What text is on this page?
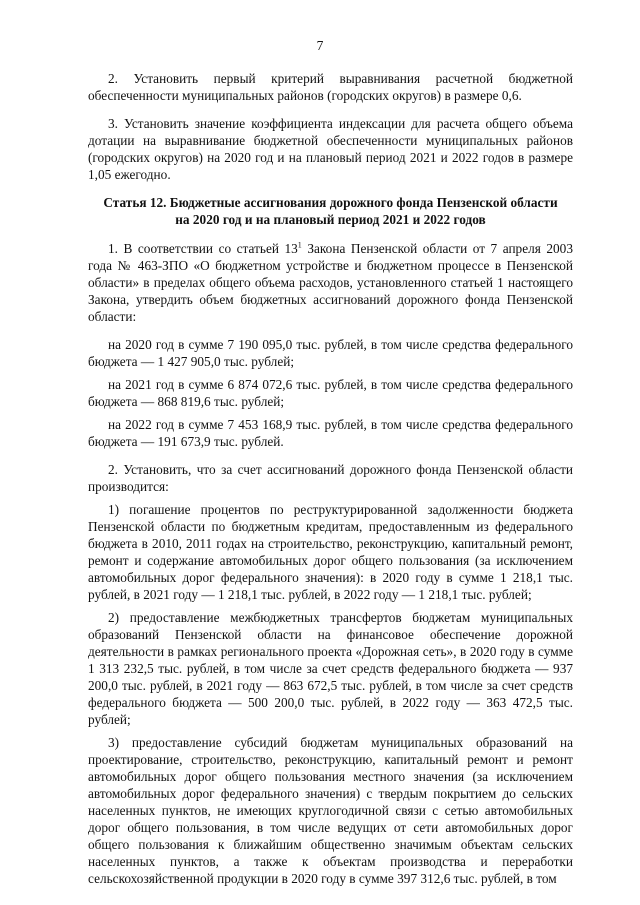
7

2. Установить первый критерий выравнивания расчетной бюджетной обеспеченности муниципальных районов (городских округов) в размере 0,6.

3. Установить значение коэффициента индексации для расчета общего объема дотации на выравнивание бюджетной обеспеченности муниципальных районов (городских округов) на 2020 год и на плановый период 2021 и 2022 годов в размере 1,05 ежегодно.

Статья 12. Бюджетные ассигнования дорожного фонда Пензенской области
на 2020 год и на плановый период 2021 и 2022 годов

1. В соответствии со статьей $13^1$ Закона Пензенской области от 7 апреля 2003 года № 463-ЗПО «О бюджетном устройстве и бюджетном процессе в Пензенской области» в пределах общего объема расходов, установленного статьей 1 настоящего Закона, утвердить объем бюджетных ассигнований дорожного фонда Пензенской области:

на 2020 год в сумме 7 190 095,0 тыс. рублей, в том числе средства федерального бюджета — 1 427 905,0 тыс. рублей;

на 2021 год в сумме 6 874 072,6 тыс. рублей, в том числе средства федерального бюджета — 868 819,6 тыс. рублей;

на 2022 год в сумме 7 453 168,9 тыс. рублей, в том числе средства федерального бюджета — 191 673,9 тыс. рублей.

2. Установить, что за счет ассигнований дорожного фонда Пензенской области производится:

1) погашение процентов по реструктурированной задолженности бюджета Пензенской области по бюджетным кредитам, предоставленным из федерального бюджета в 2010, 2011 годах на строительство, реконструкцию, капитальный ремонт, ремонт и содержание автомобильных дорог общего пользования (за исключением автомобильных дорог федерального значения): в 2020 году в сумме 1 218,1 тыс. рублей, в 2021 году — 1 218,1 тыс. рублей, в 2022 году — 1 218,1 тыс. рублей;

2) предоставление межбюджетных трансфертов бюджетам муниципальных образований Пензенской области на финансовое обеспечение дорожной деятельности в рамках регионального проекта «Дорожная сеть», в 2020 году в сумме 1 313 232,5 тыс. рублей, в том числе за счет средств федерального бюджета — 937 200,0 тыс. рублей, в 2021 году — 863 672,5 тыс. рублей, в том числе за счет средств федерального бюджета — 500 200,0 тыс. рублей, в 2022 году — 363 472,5 тыс. рублей;

3) предоставление субсидий бюджетам муниципальных образований на проектирование, строительство, реконструкцию, капитальный ремонт и ремонт автомобильных дорог общего пользования местного значения (за исключением автомобильных дорог федерального значения) с твердым покрытием до сельских населенных пунктов, не имеющих круглогодичной связи с сетью автомобильных дорог общего пользования, в том числе ведущих от сети автомобильных дорог общего пользования к ближайшим общественно значимым объектам сельских населенных пунктов, а также к объектам производства и переработки сельскохозяйственной продукции в 2020 году в сумме 397 312,6 тыс. рублей, в том
